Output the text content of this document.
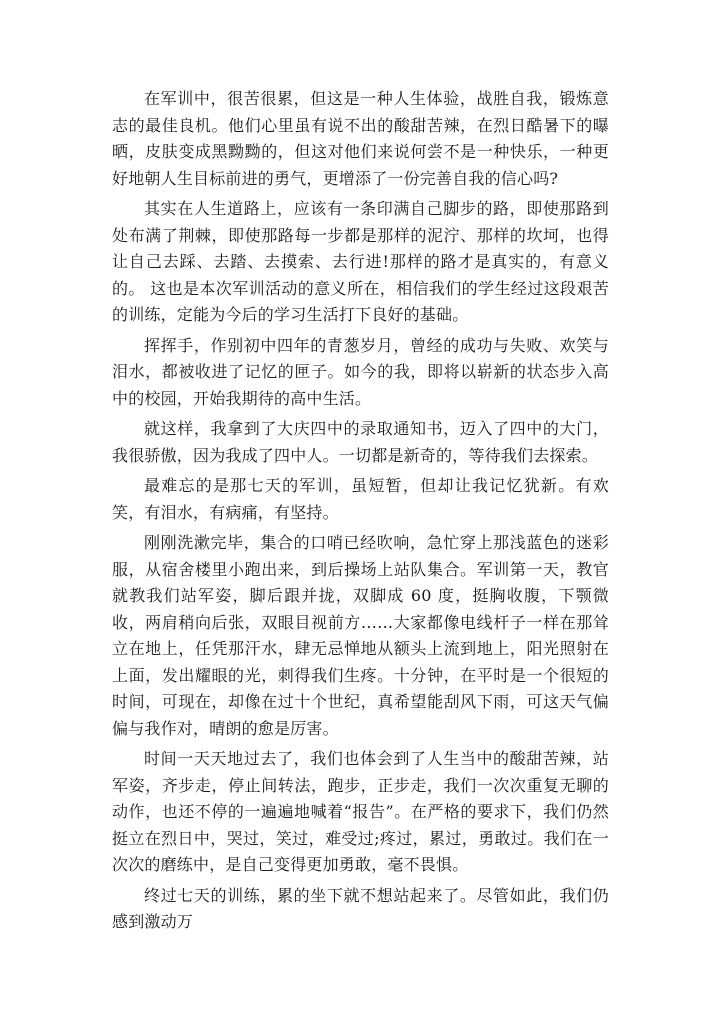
在军训中，很苦很累，但这是一种人生体验，战胜自我，锻炼意志的最佳良机。他们心里虽有说不出的酸甜苦辣，在烈日酷暑下的曝晒，皮肤变成黑黝黝的，但这对他们来说何尝不是一种快乐，一种更好地朝人生目标前进的勇气，更增添了一份完善自我的信心吗?

其实在人生道路上，应该有一条印满自己脚步的路，即使那路到处布满了荆棘，即使那路每一步都是那样的泥泞、那样的坎坷，也得让自己去踩、去踏、去摸索、去行进!那样的路才是真实的，有意义的。 这也是本次军训活动的意义所在，相信我们的学生经过这段艰苦的训练，定能为今后的学习生活打下良好的基础。

挥挥手，作别初中四年的青葱岁月，曾经的成功与失败、欢笑与泪水，都被收进了记忆的匣子。如今的我，即将以崭新的状态步入高中的校园，开始我期待的高中生活。

就这样，我拿到了大庆四中的录取通知书，迈入了四中的大门，我很骄傲，因为我成了四中人。一切都是新奇的，等待我们去探索。

最难忘的是那七天的军训，虽短暂，但却让我记忆犹新。有欢笑，有泪水，有病痛，有坚持。

刚刚洗漱完毕，集合的口哨已经吹响，急忙穿上那浅蓝色的迷彩服，从宿舍楼里小跑出来，到后操场上站队集合。军训第一天，教官就教我们站军姿，脚后跟并拢，双脚成 60 度，挺胸收腹，下颚微收，两肩稍向后张，双眼目视前方……大家都像电线杆子一样在那耸立在地上，任凭那汗水，肆无忌惮地从额头上流到地上，阳光照射在上面，发出耀眼的光，刺得我们生疼。十分钟，在平时是一个很短的时间，可现在，却像在过十个世纪，真希望能刮风下雨，可这天气偏偏与我作对，晴朗的愈是厉害。

时间一天天地过去了，我们也体会到了人生当中的酸甜苦辣，站军姿，齐步走，停止间转法，跑步，正步走，我们一次次重复无聊的动作，也还不停的一遍遍地喊着“报告”。在严格的要求下，我们仍然挺立在烈日中，哭过，笑过，难受过;疼过，累过，勇敢过。我们在一次次的磨练中，是自己变得更加勇敢，毫不畏惧。

终过七天的训练，累的坐下就不想站起来了。尽管如此，我们仍感到激动万
